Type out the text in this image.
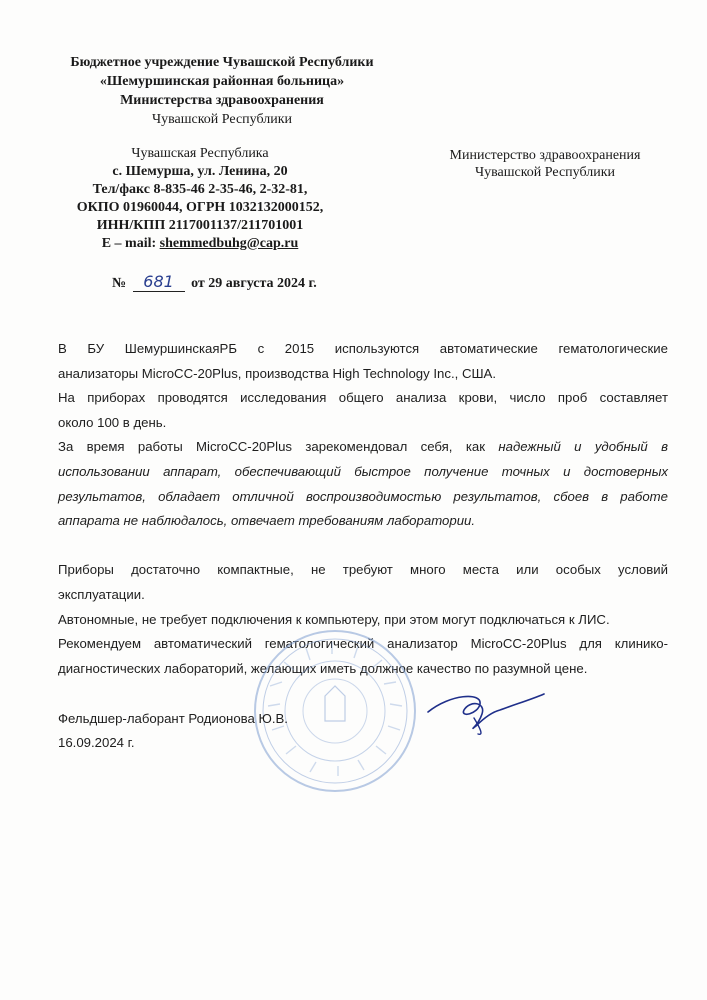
Бюджетное учреждение Чувашской Республики
«Шемуршинская районная больница»
Министерства здравоохранения
Чувашской Республики
Чувашская Республика
с. Шемурша, ул. Ленина, 20
Тел/факс 8-835-46 2-35-46, 2-32-81,
ОКПО 01960044, ОГРН 1032132000152,
ИНН/КПП 2117001137/211701001
E – mail: shemmedbuhg@cap.ru
№ 681 от 29 августа 2024 г.
Министерство здравоохранения
Чувашской Республики

В БУ ШемуршинскаяРБ с 2015 используются автоматические гематологические

анализаторы MicroCC-20Plus, производства High Technology Inc., США.

На приборах проводятся исследования общего анализа крови, число проб составляет

около 100 в день.

За время работы MicroCC-20Plus зарекомендовал себя, как надежный и удобный в

использовании аппарат, обеспечивающий быстрое получение точных и достоверных

результатов, обладает отличной воспроизводимостью результатов, сбоев в работе

аппарата не наблюдалось, отвечает требованиям лаборатории.

Приборы достаточно компактные, не требуют много места или особых условий

эксплуатации.

Автономные, не требует подключения к компьютеру, при этом могут подключаться к ЛИС.

Рекомендуем автоматический гематологический анализатор MicroCC-20Plus для клинико-

диагностических лабораторий, желающих иметь должное качество по разумной цене.

Фельдшер-лаборант Родионова Ю.В.
16.09.2024 г.
